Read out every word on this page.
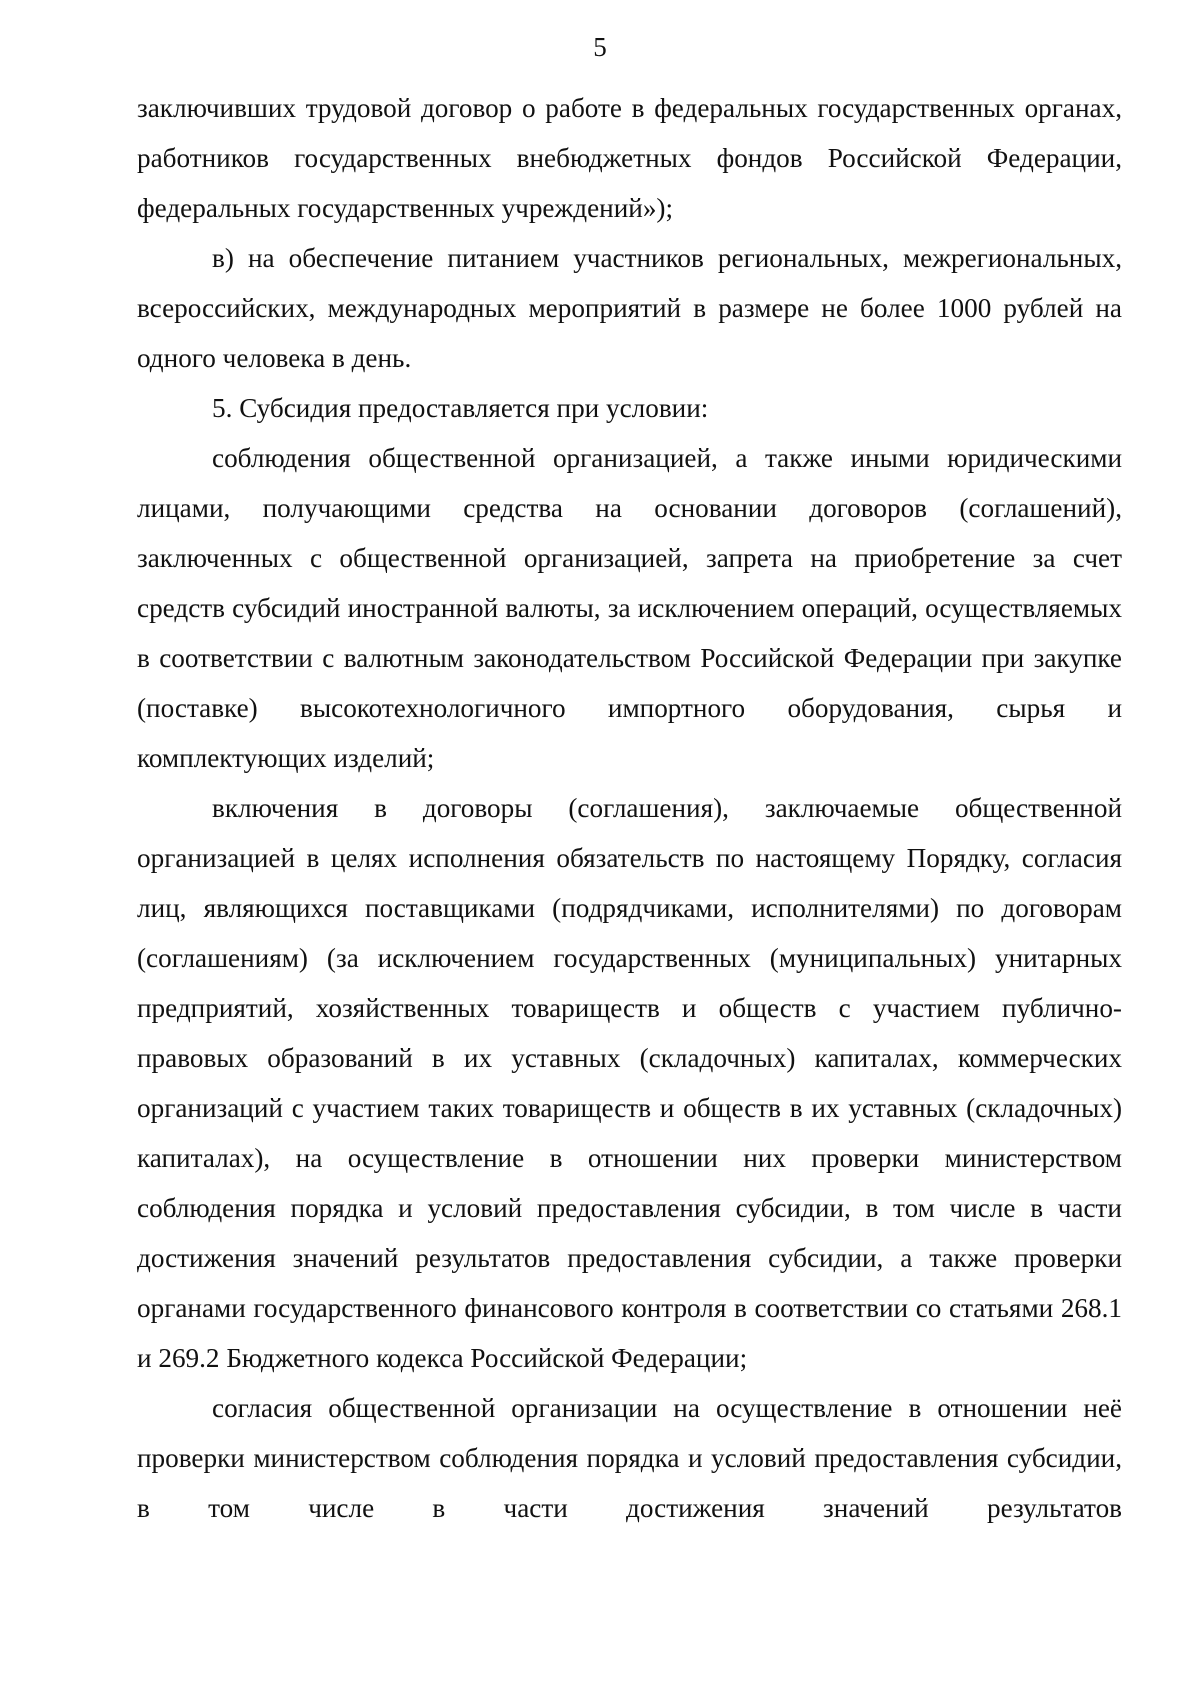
5

заключивших трудовой договор о работе в федеральных государственных органах, работников государственных внебюджетных фондов Российской Федерации, федеральных государственных учреждений»);

в) на обеспечение питанием участников региональных, межрегиональных, всероссийских, международных мероприятий в размере не более 1000 рублей на одного человека в день.

5. Субсидия предоставляется при условии:

соблюдения общественной организацией, а также иными юридическими лицами, получающими средства на основании договоров (соглашений), заключенных с общественной организацией, запрета на приобретение за счет средств субсидий иностранной валюты, за исключением операций, осуществляемых в соответствии с валютным законодательством Российской Федерации при закупке (поставке) высокотехнологичного импортного оборудования, сырья и комплектующих изделий;

включения в договоры (соглашения), заключаемые общественной организацией в целях исполнения обязательств по настоящему Порядку, согласия лиц, являющихся поставщиками (подрядчиками, исполнителями) по договорам (соглашениям) (за исключением государственных (муниципальных) унитарных предприятий, хозяйственных товариществ и обществ с участием публично-правовых образований в их уставных (складочных) капиталах, коммерческих организаций с участием таких товариществ и обществ в их уставных (складочных) капиталах), на осуществление в отношении них проверки министерством соблюдения порядка и условий предоставления субсидии, в том числе в части достижения значений результатов предоставления субсидии, а также проверки органами государственного финансового контроля в соответствии со статьями 268.1 и 269.2 Бюджетного кодекса Российской Федерации;

согласия общественной организации на осуществление в отношении неё проверки министерством соблюдения порядка и условий предоставления субсидии, в том числе в части достижения значений результатов
